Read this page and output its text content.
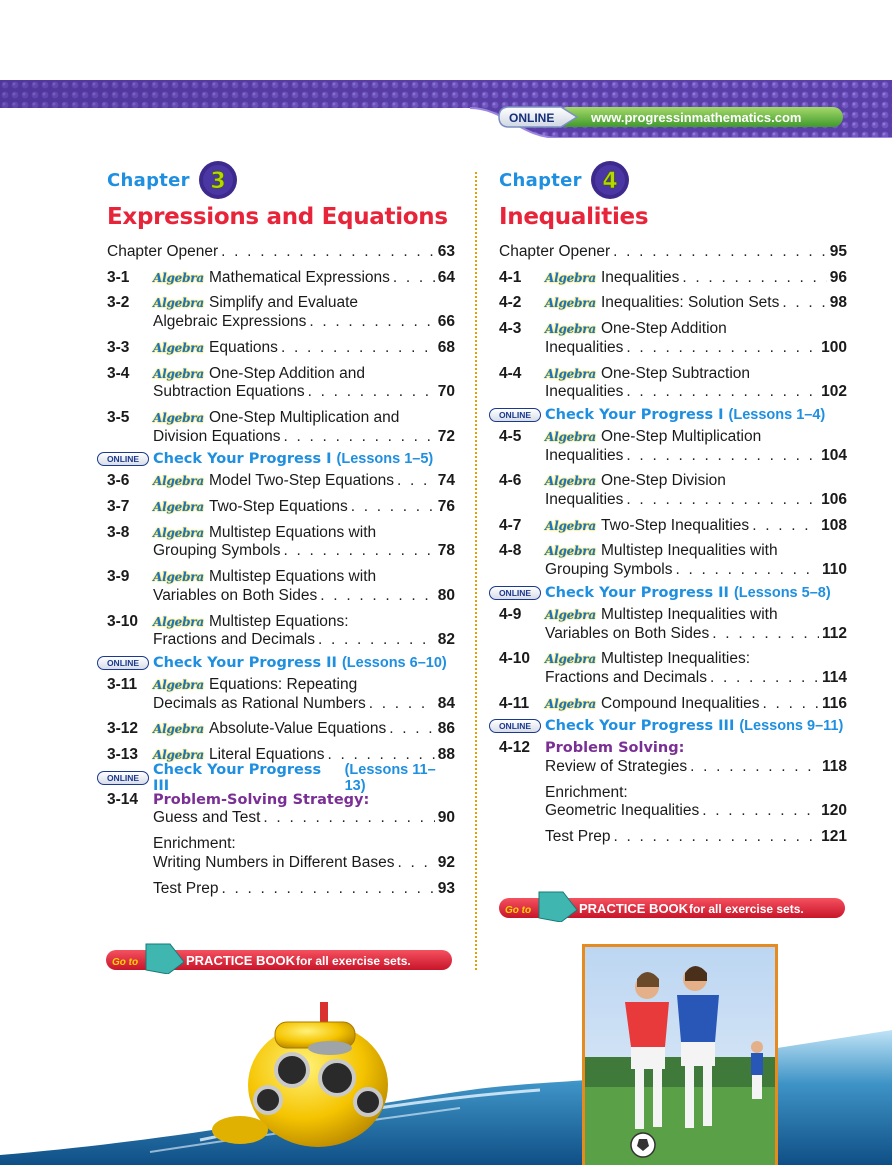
ONLINE	www.progressinmathematics.com
Chapter 3
Expressions and Equations
Chapter Opener . . .	63
3-1	Algebra Mathematical Expressions . . .	64
3-2	Algebra Simplify and Evaluate
Algebraic Expressions . . .	66
3-3	Algebra Equations . . .	68
3-4	Algebra One-Step Addition and
Subtraction Equations . . .	70
3-5	Algebra One-Step Multiplication and
Division Equations . . .	72
ONLINE Check Your Progress I (Lessons 1–5)
3-6	Algebra Model Two-Step Equations . . .	74
3-7	Algebra Two-Step Equations . . .	76
3-8	Algebra Multistep Equations with
Grouping Symbols . . .	78
3-9	Algebra Multistep Equations with
Variables on Both Sides . . .	80
3-10	Algebra Multistep Equations:
Fractions and Decimals . . .	82
ONLINE Check Your Progress II (Lessons 6–10)
3-11	Algebra Equations: Repeating
Decimals as Rational Numbers . . .	84
3-12	Algebra Absolute-Value Equations . . .	86
3-13	Algebra Literal Equations . . .	88
ONLINE Check Your Progress III
(Lessons 11–13)
3-14	Problem-Solving Strategy:
Guess and Test . . .	90
Enrichment:
Writing Numbers in Different Bases . . .	92
Test Prep . . .	93
Chapter 4
Inequalities
Chapter Opener . . .	95
4-1	Algebra Inequalities . . .	96
4-2	Algebra Inequalities: Solution Sets . . .	98
4-3	Algebra One-Step Addition
Inequalities . . .	100
4-4	Algebra One-Step Subtraction
Inequalities . . .	102
ONLINE Check Your Progress I (Lessons 1–4)
4-5	Algebra One-Step Multiplication
Inequalities . . .	104
4-6	Algebra One-Step Division
Inequalities . . .	106
4-7	Algebra Two-Step Inequalities . . .	108
4-8	Algebra Multistep Inequalities with
Grouping Symbols . . .	110
ONLINE Check Your Progress II (Lessons 5–8)
4-9	Algebra Multistep Inequalities with
Variables on Both Sides . . .	112
4-10	Algebra Multistep Inequalities:
Fractions and Decimals . . .	114
4-11	Algebra Compound Inequalities . . .	116
ONLINE Check Your Progress III (Lessons 9–11)
4-12	Problem Solving:
Review of Strategies . . .	118
Enrichment:
Geometric Inequalities . . .	120
Test Prep . . .	121
Go to	PRACTICE BOOK for all exercise sets.
Go to	PRACTICE BOOK for all exercise sets.
